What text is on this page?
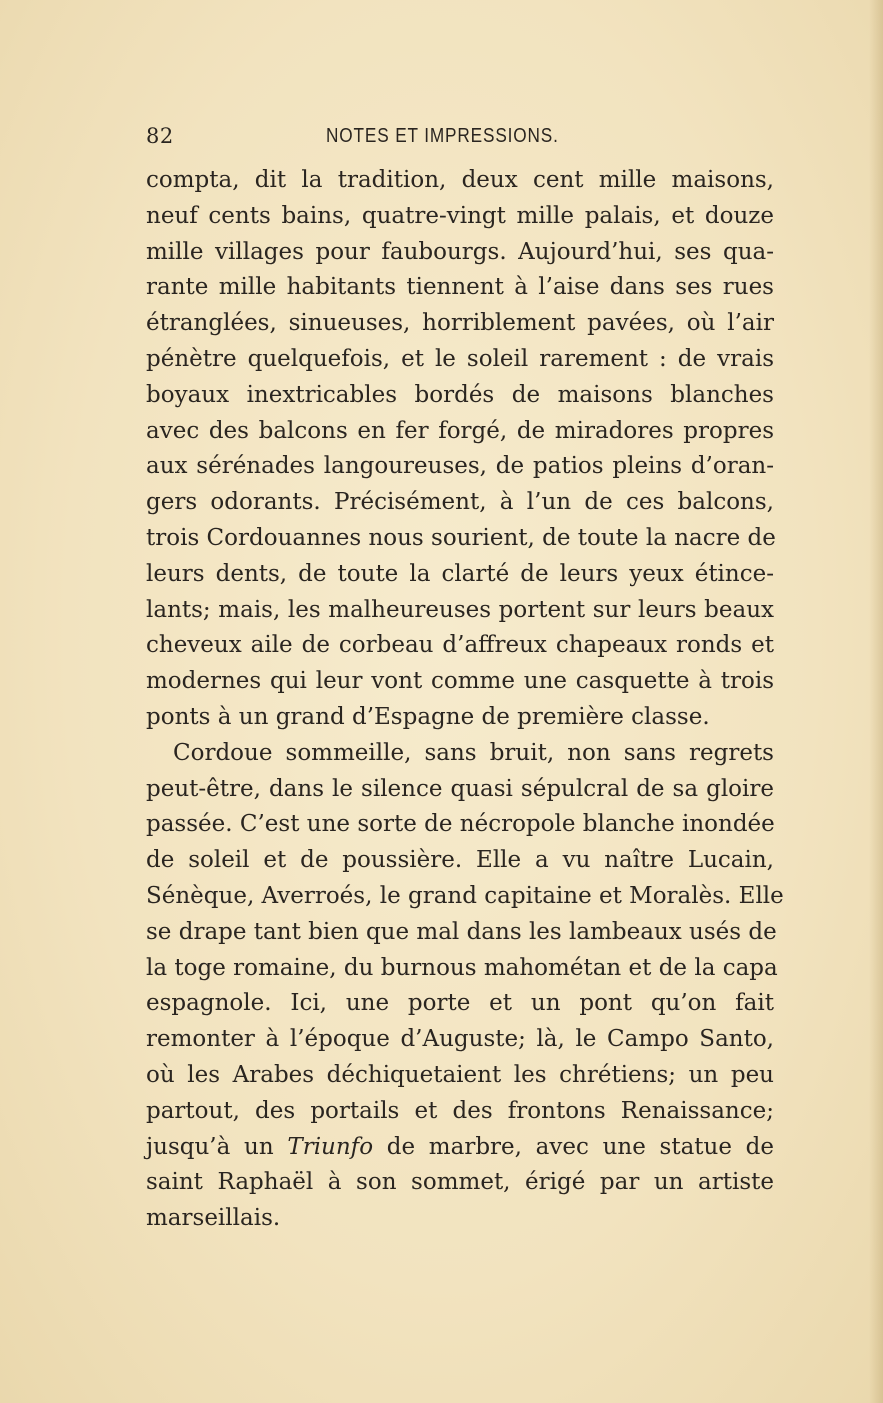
82	NOTES ET IMPRESSIONS.
compta, dit la tradition, deux cent mille maisons,
neuf cents bains, quatre-vingt mille palais, et douze
mille villages pour faubourgs. Aujourd’hui, ses qua-
rante mille habitants tiennent à l’aise dans ses rues
étranglées, sinueuses, horriblement pavées, où l’air
pénètre quelquefois, et le soleil rarement : de vrais
boyaux inextricables bordés de maisons blanches
avec des balcons en fer forgé, de miradores propres
aux sérénades langoureuses, de patios pleins d’oran-
gers odorants. Précisément, à l’un de ces balcons,
trois Cordouannes nous sourient, de toute la nacre de
leurs dents, de toute la clarté de leurs yeux étince-
lants; mais, les malheureuses portent sur leurs beaux
cheveux aile de corbeau d’affreux chapeaux ronds et
modernes qui leur vont comme une casquette à trois
ponts à un grand d’Espagne de première classe.
Cordoue sommeille, sans bruit, non sans regrets
peut-être, dans le silence quasi sépulcral de sa gloire
passée. C’est une sorte de nécropole blanche inondée
de soleil et de poussière. Elle a vu naître Lucain,
Sénèque, Averroés, le grand capitaine et Moralès. Elle
se drape tant bien que mal dans les lambeaux usés de
la toge romaine, du burnous mahométan et de la capa
espagnole. Ici, une porte et un pont qu’on fait
remonter à l’époque d’Auguste; là, le Campo Santo,
où les Arabes déchiquetaient les chrétiens; un peu
partout, des portails et des frontons Renaissance;
jusqu’à un Triunfo de marbre, avec une statue de
saint Raphaël à son sommet, érigé par un artiste
marseillais.
